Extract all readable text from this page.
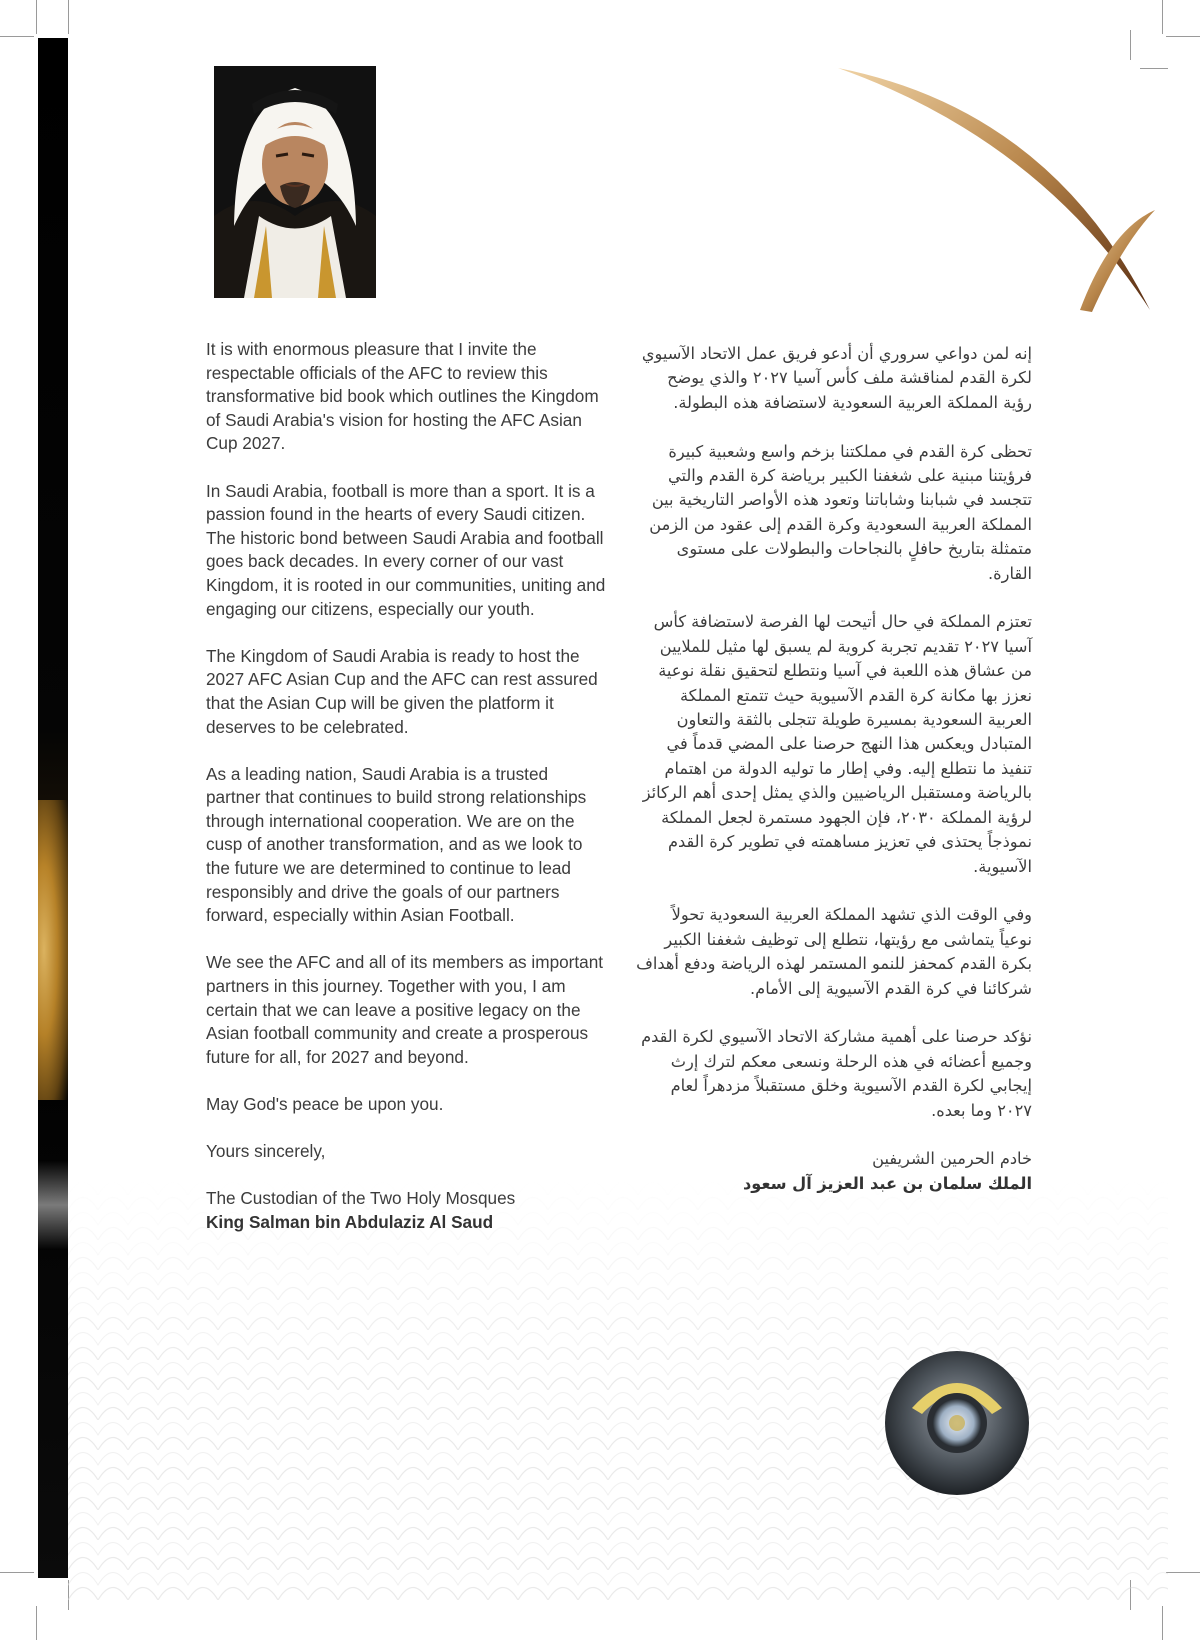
It is with enormous pleasure that I invite the respectable officials of the AFC to review this transformative bid book which outlines the Kingdom of Saudi Arabia's vision for hosting the AFC Asian Cup 2027.

In Saudi Arabia, football is more than a sport. It is a passion found in the hearts of every Saudi citizen. The historic bond between Saudi Arabia and football goes back decades. In every corner of our vast Kingdom, it is rooted in our communities, uniting and engaging our citizens, especially our youth.

The Kingdom of Saudi Arabia is ready to host the 2027 AFC Asian Cup and the AFC can rest assured that the Asian Cup will be given the platform it deserves to be celebrated.

As a leading nation, Saudi Arabia is a trusted partner that continues to build strong relationships through international cooperation. We are on the cusp of another transformation, and as we look to the future we are determined to continue to lead responsibly and drive the goals of our partners forward, especially within Asian Football.

We see the AFC and all of its members as important partners in this journey. Together with you, I am certain that we can leave a positive legacy on the Asian football community and create a prosperous future for all, for 2027 and beyond.

May God's peace be upon you.

Yours sincerely,

The Custodian of the Two Holy Mosques
King Salman bin Abdulaziz Al Saud

إنه لمن دواعي سروري أن أدعو فريق عمل الاتحاد الآسيوي لكرة القدم لمناقشة ملف كأس آسيا ٢٠٢٧ والذي يوضح رؤية المملكة العربية السعودية لاستضافة هذه البطولة.

تحظى كرة القدم في مملكتنا بزخم واسع وشعبية كبيرة فرؤيتنا مبنية على شغفنا الكبير برياضة كرة القدم والتي تتجسد في شبابنا وشاباتنا وتعود هذه الأواصر التاريخية بين المملكة العربية السعودية وكرة القدم إلى عقود من الزمن متمثلة بتاريخ حافلٍ بالنجاحات والبطولات على مستوى القارة.

تعتزم المملكة في حال أتيحت لها الفرصة لاستضافة كأس آسيا ٢٠٢٧ تقديم تجربة كروية لم يسبق لها مثيل للملايين من عشاق هذه اللعبة في آسيا ونتطلع لتحقيق نقلة نوعية نعزز بها مكانة كرة القدم الآسيوية حيث تتمتع المملكة العربية السعودية بمسيرة طويلة تتجلى بالثقة والتعاون المتبادل ويعكس هذا النهج حرصنا على المضي قدماً في تنفيذ ما نتطلع إليه. وفي إطار ما توليه الدولة من اهتمام بالرياضة ومستقبل الرياضيين والذي يمثل إحدى أهم الركائز لرؤية المملكة ٢٠٣٠، فإن الجهود مستمرة لجعل المملكة نموذجاً يحتذى في تعزيز مساهمته في تطوير كرة القدم الآسيوية.

وفي الوقت الذي تشهد المملكة العربية السعودية تحولاً نوعياً يتماشى مع رؤيتها، نتطلع إلى توظيف شغفنا الكبير بكرة القدم كمحفز للنمو المستمر لهذه الرياضة ودفع أهداف شركائنا في كرة القدم الآسيوية إلى الأمام.

نؤكد حرصنا على أهمية مشاركة الاتحاد الآسيوي لكرة القدم وجميع أعضائه في هذه الرحلة ونسعى معكم لترك إرث إيجابي لكرة القدم الآسيوية وخلق مستقبلاً مزدهراً لعام ٢٠٢٧ وما بعده.

خادم الحرمين الشريفين
الملك سلمان بن عبد العزيز آل سعود
